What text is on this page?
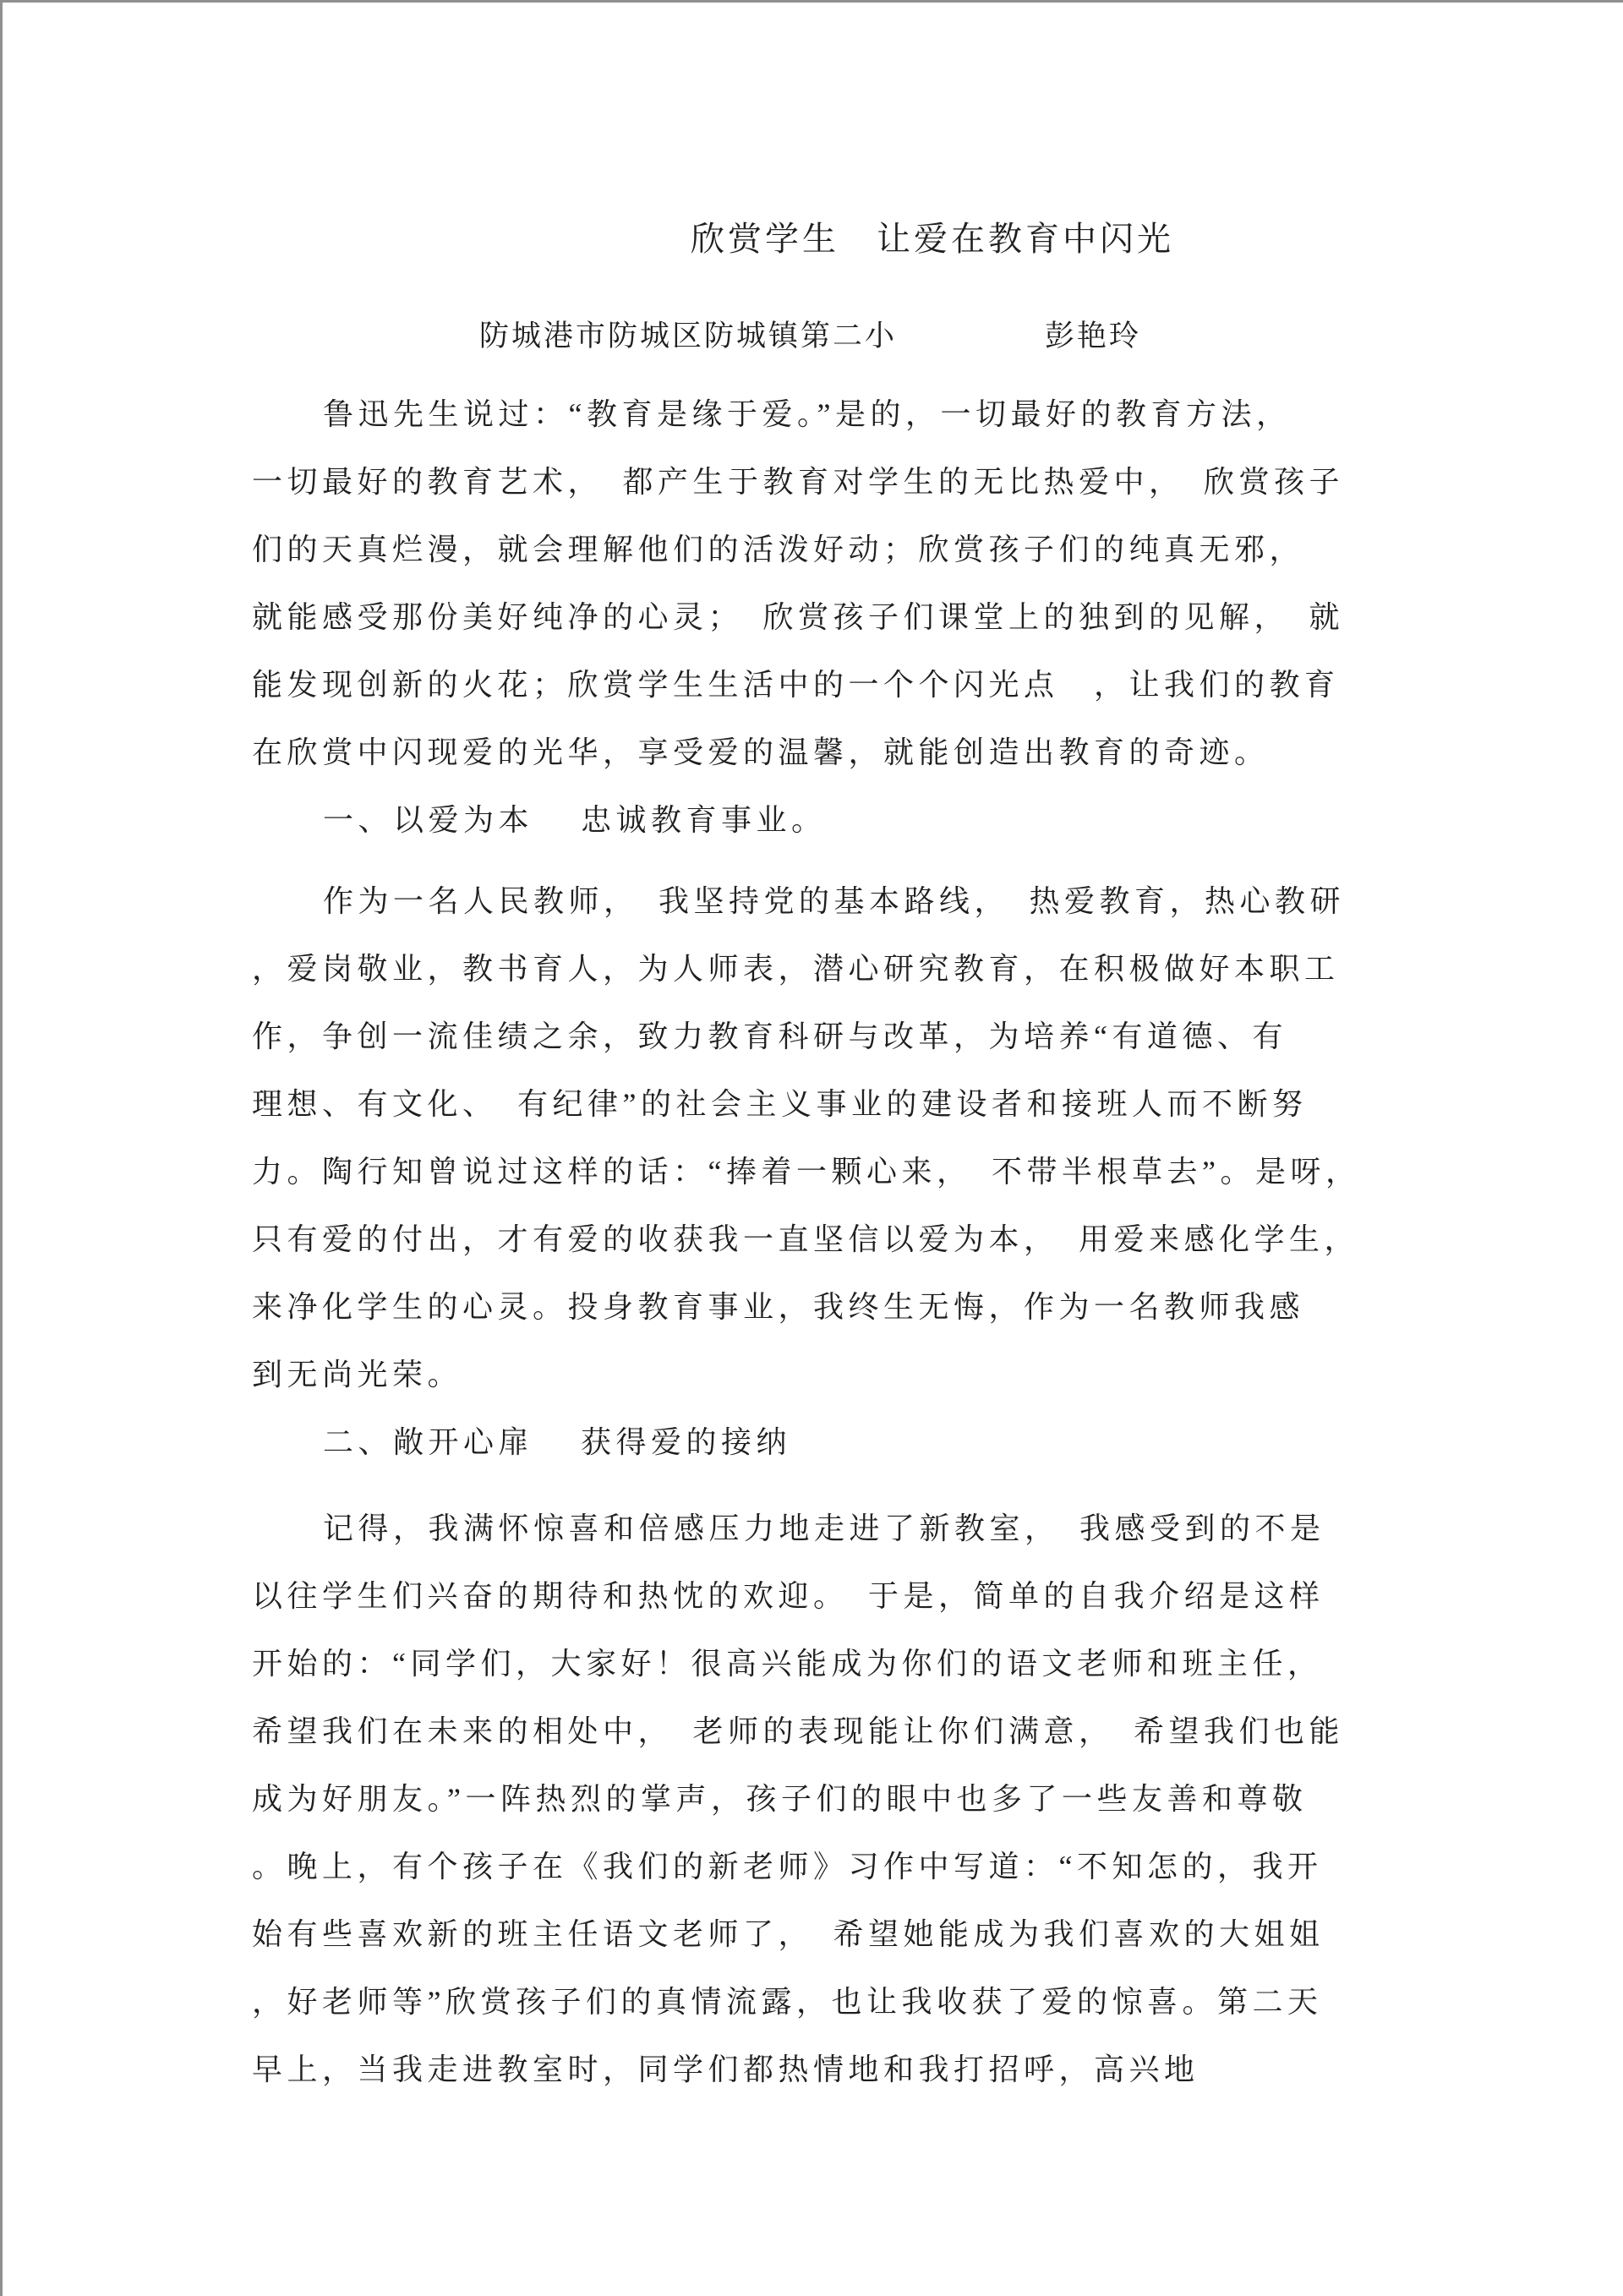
欣赏学生　让爱在教育中闪光
防城港市防城区防城镇第二小	彭艳玲
鲁迅先生说过：“教育是缘于爱。”是的，一切最好的教育方法，
一切最好的教育艺术，　都产生于教育对学生的无比热爱中，　欣赏孩子
们的天真烂漫，就会理解他们的活泼好动；欣赏孩子们的纯真无邪，
就能感受那份美好纯净的心灵；　欣赏孩子们课堂上的独到的见解，　就
能发现创新的火花；欣赏学生生活中的一个个闪光点　，让我们的教育
在欣赏中闪现爱的光华，享受爱的温馨，就能创造出教育的奇迹。
一、以爱为本　 忠诚教育事业。
作为一名人民教师，　我坚持党的基本路线，　热爱教育，热心教研
，爱岗敬业，教书育人，为人师表，潜心研究教育，在积极做好本职工
作，争创一流佳绩之余，致力教育科研与改革，为培养“有道德、有
理想、有文化、　有纪律”的社会主义事业的建设者和接班人而不断努
力。陶行知曾说过这样的话：“捧着一颗心来，　不带半根草去”。是呀，
只有爱的付出，才有爱的收获我一直坚信以爱为本，　用爱来感化学生，
来净化学生的心灵。投身教育事业，我终生无悔，作为一名教师我感
到无尚光荣。
二、敞开心扉　 获得爱的接纳
记得，我满怀惊喜和倍感压力地走进了新教室，　我感受到的不是
以往学生们兴奋的期待和热忱的欢迎。　于是，简单的自我介绍是这样
开始的：“同学们，大家好！很高兴能成为你们的语文老师和班主任，
希望我们在未来的相处中，　老师的表现能让你们满意，　希望我们也能
成为好朋友。”一阵热烈的掌声，孩子们的眼中也多了一些友善和尊敬
。晚上，有个孩子在《我们的新老师》习作中写道：“不知怎的，我开
始有些喜欢新的班主任语文老师了，　希望她能成为我们喜欢的大姐姐
，好老师等”欣赏孩子们的真情流露，也让我收获了爱的惊喜。第二天
早上，当我走进教室时，同学们都热情地和我打招呼，高兴地
